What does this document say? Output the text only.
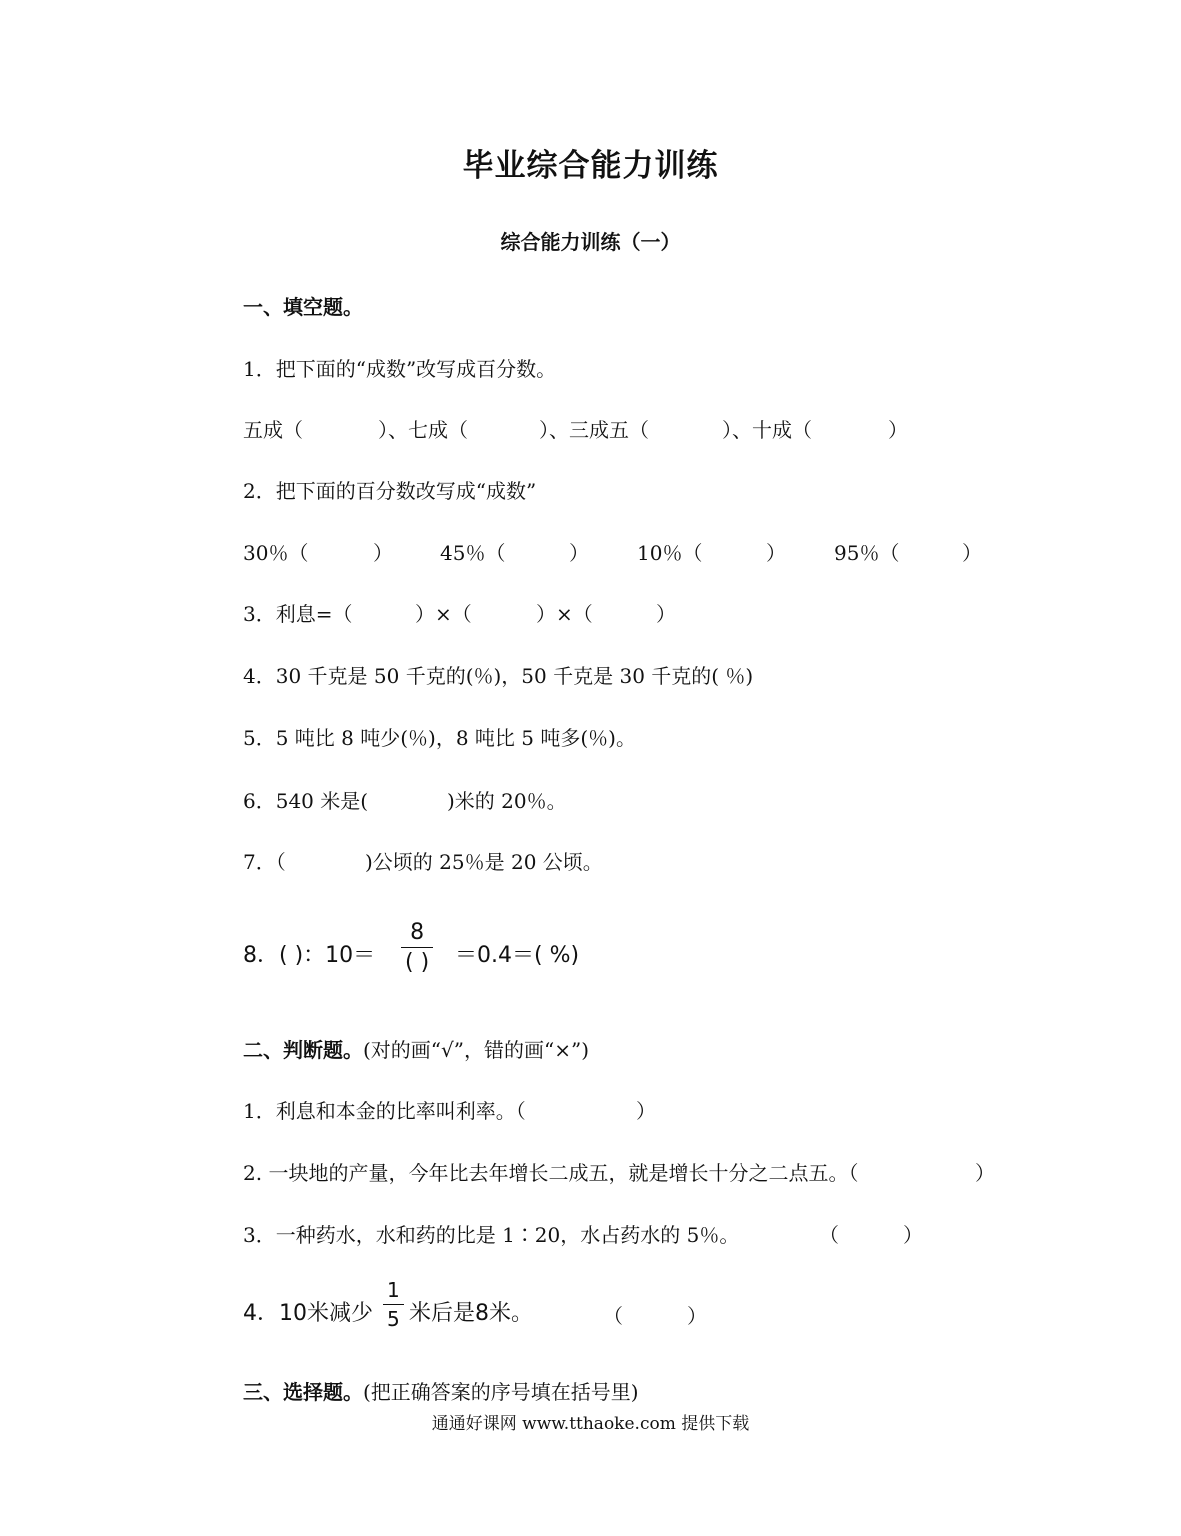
毕业综合能力训练
综合能力训练（一）
一、填空题。
1．把下面的“成数”改写成百分数。
五成（	）、七成（	）、三成五（	）、十成（	）
2．把下面的百分数改写成“成数”
30％（	） 45％（	） 10％（	） 95％（	）
3．利息=（	）×（	）×（	）
4．30 千克是 50 千克的(％)，50 千克是 30 千克的( ％)
5．5 吨比 8 吨少(％)，8 吨比 5 吨多(％)。
6．540 米是(	)米的 20％。
7．（	)公顷的 25％是 20 公顷。
8．( )：10＝
8
( ) ＝0.4＝( %)
二、判断题。(对的画“√”，错的画“×”)
1．利息和本金的比率叫利率。（	）
2. 一块地的产量，今年比去年增长二成五，就是增长十分之二点五。（	）
3．一种药水，水和药的比是 1∶20，水占药水的 5％。	（	）
4．10米减少
1
5 米后是8米。	（	）
三、选择题。(把正确答案的序号填在括号里)
通通好课网 www.tthaoke.com 提供下载
